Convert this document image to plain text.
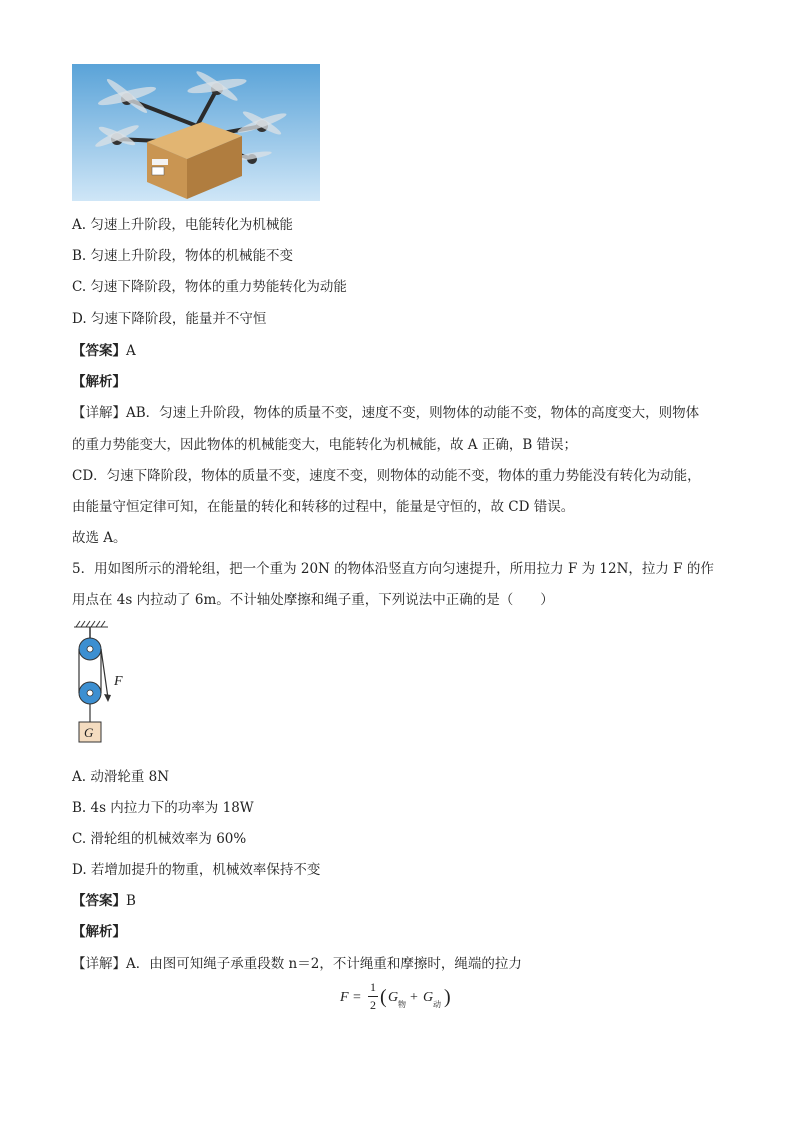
A. 匀速上升阶段，电能转化为机械能
B. 匀速上升阶段，物体的机械能不变
C. 匀速下降阶段，物体的重力势能转化为动能
D. 匀速下降阶段，能量并不守恒
【答案】A
【解析】
【详解】AB．匀速上升阶段，物体的质量不变，速度不变，则物体的动能不变，物体的高度变大，则物体
的重力势能变大，因此物体的机械能变大，电能转化为机械能，故 A 正确，B 错误；
CD．匀速下降阶段，物体的质量不变，速度不变，则物体的动能不变，物体的重力势能没有转化为动能，
由能量守恒定律可知，在能量的转化和转移的过程中，能量是守恒的，故 CD 错误。
故选 A。
5．用如图所示的滑轮组，把一个重为 20N 的物体沿竖直方向匀速提升，所用拉力 F 为 12N，拉力 F 的作
用点在 4s 内拉动了 6m。不计轴处摩擦和绳子重，下列说法中正确的是（　　）
F
G
A. 动滑轮重 8N
B. 4s 内拉力下的功率为 18W
C. 滑轮组的机械效率为 60%
D. 若增加提升的物重，机械效率保持不变
【答案】B
【解析】
【详解】A．由图可知绳子承重段数 n＝2，不计绳重和摩擦时，绳端的拉力
F =
1
2 ( G 物 + G 动 )
